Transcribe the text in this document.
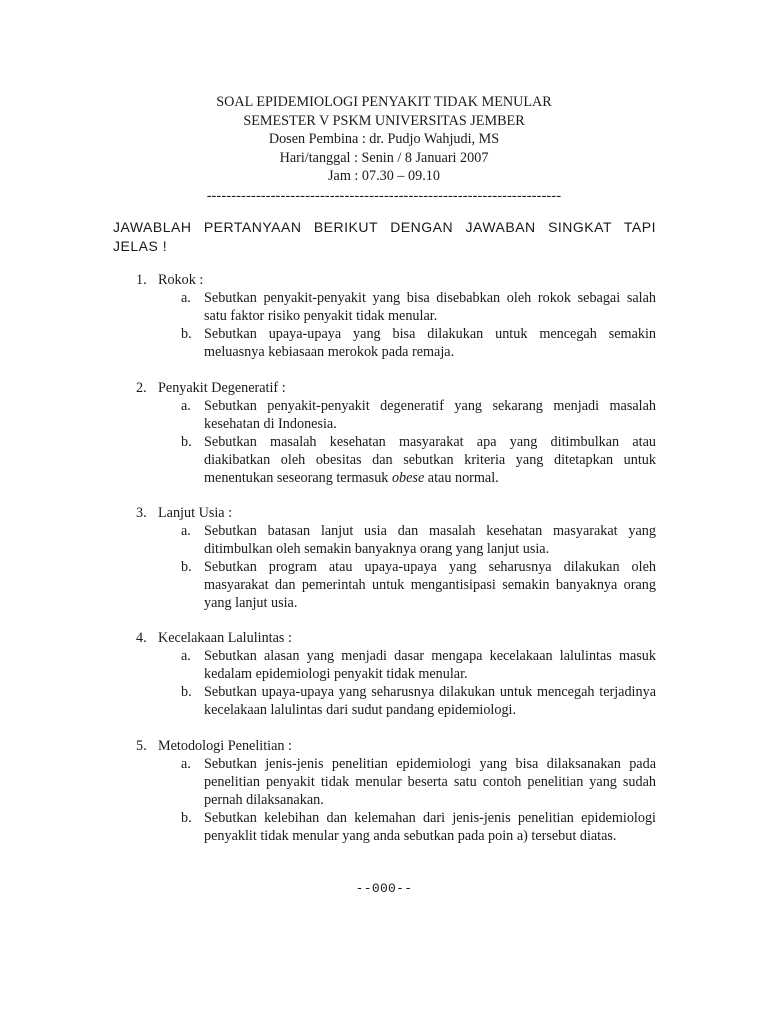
SOAL EPIDEMIOLOGI PENYAKIT TIDAK MENULAR
SEMESTER V PSKM UNIVERSITAS JEMBER
Dosen Pembina : dr. Pudjo Wahjudi, MS
Hari/tanggal : Senin / 8 Januari 2007
Jam : 07.30 – 09.10
------------------------------------------------------------------------
JAWABLAH PERTANYAAN BERIKUT DENGAN JAWABAN SINGKAT TAPI
JELAS !
1. Rokok :
a. Sebutkan penyakit-penyakit yang bisa disebabkan oleh rokok sebagai salah satu faktor risiko penyakit tidak menular.
b. Sebutkan upaya-upaya yang bisa dilakukan untuk mencegah semakin meluasnya kebiasaan merokok pada remaja.
2. Penyakit Degeneratif :
a. Sebutkan penyakit-penyakit degeneratif yang sekarang menjadi masalah kesehatan di Indonesia.
b. Sebutkan masalah kesehatan masyarakat apa yang ditimbulkan atau diakibatkan oleh obesitas dan sebutkan kriteria yang ditetapkan untuk menentukan seseorang termasuk obese atau normal.
3. Lanjut Usia :
a. Sebutkan batasan lanjut usia dan masalah kesehatan masyarakat yang ditimbulkan oleh semakin banyaknya orang yang lanjut usia.
b. Sebutkan program atau upaya-upaya yang seharusnya dilakukan oleh masyarakat dan pemerintah untuk mengantisipasi semakin banyaknya orang yang lanjut usia.
4. Kecelakaan Lalulintas :
a. Sebutkan alasan yang menjadi dasar mengapa kecelakaan lalulintas masuk kedalam epidemiologi penyakit tidak menular.
b. Sebutkan upaya-upaya yang seharusnya dilakukan untuk mencegah terjadinya kecelakaan lalulintas dari sudut pandang epidemiologi.
5. Metodologi Penelitian :
a. Sebutkan jenis-jenis penelitian epidemiologi yang bisa dilaksanakan pada penelitian penyakit tidak menular beserta satu contoh penelitian yang sudah pernah dilaksanakan.
b. Sebutkan kelebihan dan kelemahan dari jenis-jenis penelitian epidemiologi penyaklit tidak menular yang anda sebutkan pada poin a) tersebut diatas.
--000--
